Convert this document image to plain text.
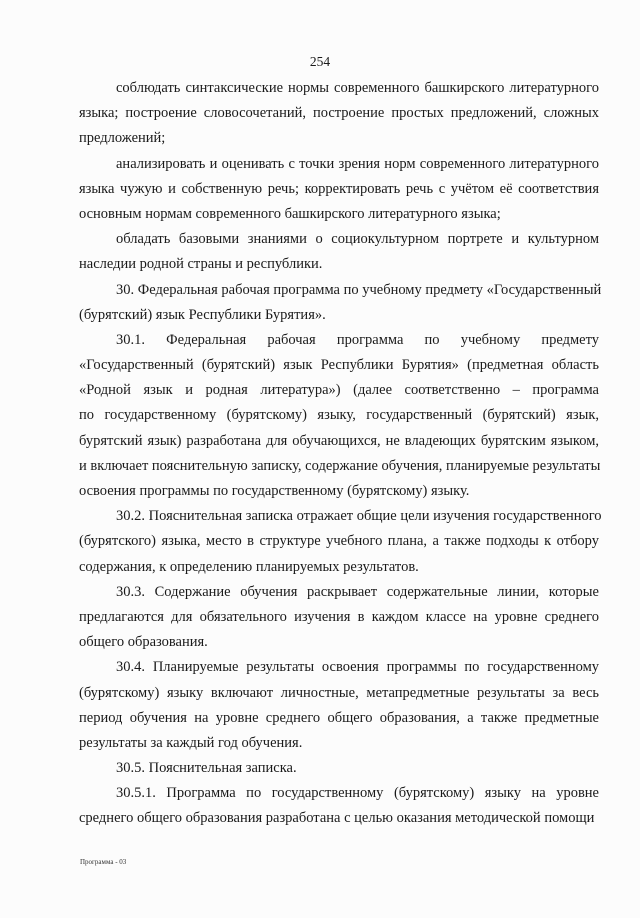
254
соблюдать синтаксические нормы современного башкирского литературного
языка; построение словосочетаний, построение простых предложений, сложных
предложений;
анализировать и оценивать с точки зрения норм современного литературного
языка чужую и собственную речь; корректировать речь с учётом её соответствия
основным нормам современного башкирского литературного языка;
обладать базовыми знаниями о социокультурном портрете и культурном
наследии родной страны и республики.
30. Федеральная рабочая программа по учебному предмету «Государственный
(бурятский) язык Республики Бурятия».
30.1. Федеральная рабочая программа по учебному предмету
«Государственный (бурятский) язык Республики Бурятия» (предметная область
«Родной язык и родная литература») (далее соответственно – программа
по государственному (бурятскому) языку, государственный (бурятский) язык,
бурятский язык) разработана для обучающихся, не владеющих бурятским языком,
и включает пояснительную записку, содержание обучения, планируемые результаты
освоения программы по государственному (бурятскому) языку.
30.2. Пояснительная записка отражает общие цели изучения государственного
(бурятского) языка, место в структуре учебного плана, а также подходы к отбору
содержания, к определению планируемых результатов.
30.3. Содержание обучения раскрывает содержательные линии, которые
предлагаются для обязательного изучения в каждом классе на уровне среднего
общего образования.
30.4. Планируемые результаты освоения программы по государственному
(бурятскому) языку включают личностные, метапредметные результаты за весь
период обучения на уровне среднего общего образования, а также предметные
результаты за каждый год обучения.
30.5. Пояснительная записка.
30.5.1. Программа по государственному (бурятскому) языку на уровне
среднего общего образования разработана с целью оказания методической помощи
Программа - 03
